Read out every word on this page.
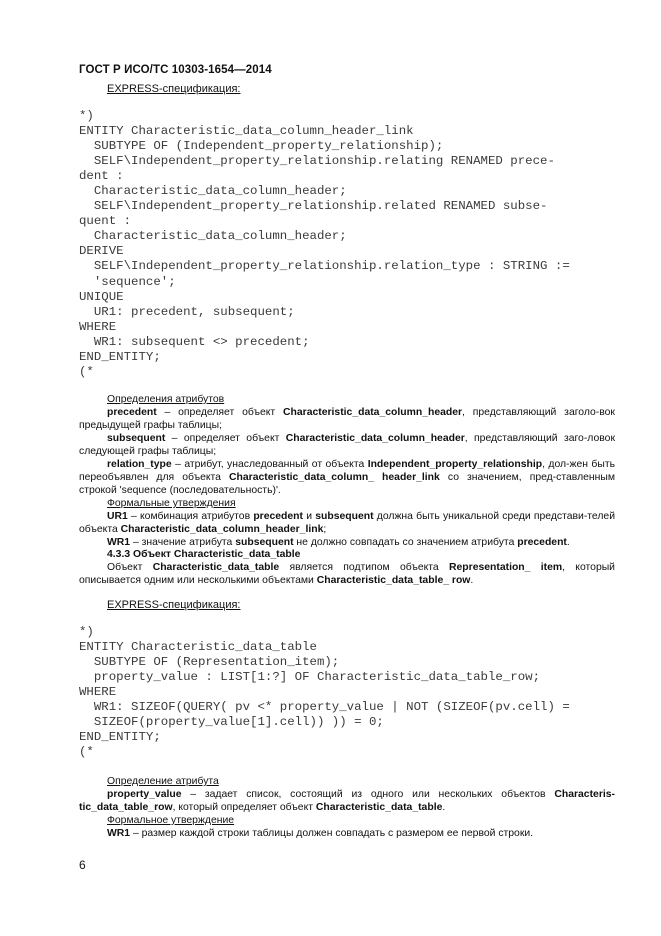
ГОСТ Р ИСО/ТС 10303-1654—2014
EXPRESS-спецификация:
*)
ENTITY Characteristic_data_column_header_link
SUBTYPE OF (Independent_property_relationship);
SELF\Independent_property_relationship.relating RENAMED prece-
dent :
Characteristic_data_column_header;
SELF\Independent_property_relationship.related RENAMED subse-
quent :
Characteristic_data_column_header;
DERIVE
SELF\Independent_property_relationship.relation_type : STRING :=
'sequence';
UNIQUE
UR1: precedent, subsequent;
WHERE
WR1: subsequent <> precedent;
END_ENTITY;
(*
Определения атрибутов
precedent – определяет объект Characteristic_data_column_header, представляющий заголо-вок предыдущей графы таблицы;
subsequent – определяет объект Characteristic_data_column_header, представляющий заго-ловок следующей графы таблицы;
relation_type – атрибут, унаследованный от объекта Independent_property_relationship, дол-жен быть переобъявлен для объекта Characteristic_data_column_ header_link со значением, пред-ставленным строкой 'sequence (последовательность)'.
Формальные утверждения
UR1 – комбинация атрибутов precedent и subsequent должна быть уникальной среди представи-телей объекта Characteristic_data_column_header_link;
WR1 – значение атрибута subsequent не должно совпадать со значением атрибута precedent.
4.3.3 Объект Characteristic_data_table
Объект Characteristic_data_table является подтипом объекта Representation_ item, который описывается одним или несколькими объектами Characteristic_data_table_ row.
EXPRESS-спецификация:
*)
ENTITY Characteristic_data_table
SUBTYPE OF (Representation_item);
property_value : LIST[1:?] OF Characteristic_data_table_row;
WHERE
WR1: SIZEOF(QUERY( pv <* property_value | NOT (SIZEOF(pv.cell) =
SIZEOF(property_value[1].cell)) )) = 0;
END_ENTITY;
(*
Определение атрибута
property_value – задает список, состоящий из одного или нескольких объектов Characteris-tic_data_table_row, который определяет объект Characteristic_data_table.
Формальное утверждение
WR1 – размер каждой строки таблицы должен совпадать с размером ее первой строки.
6
